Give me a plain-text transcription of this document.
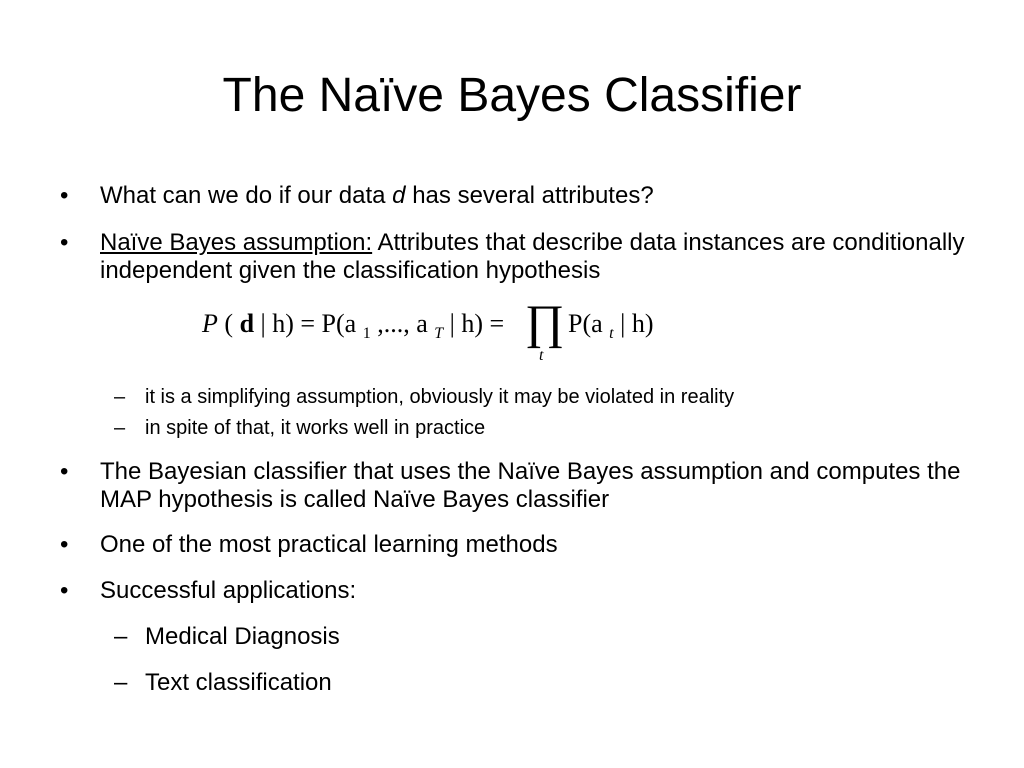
The Naïve Bayes Classifier
• What can we do if our data d has several attributes?
• Naïve Bayes assumption: Attributes that describe data instances are conditionally independent given the classification hypothesis
P ( d | h) = P(a $_1$ ,..., a $_T$ | h) = ∏
t
P(a $_t$ | h)
– it is a simplifying assumption, obviously it may be violated in reality
– in spite of that, it works well in practice
• The Bayesian classifier that uses the Naïve Bayes assumption and computes the MAP hypothesis is called Naïve Bayes classifier
• One of the most practical learning methods
• Successful applications:
– Medical Diagnosis
– Text classification
